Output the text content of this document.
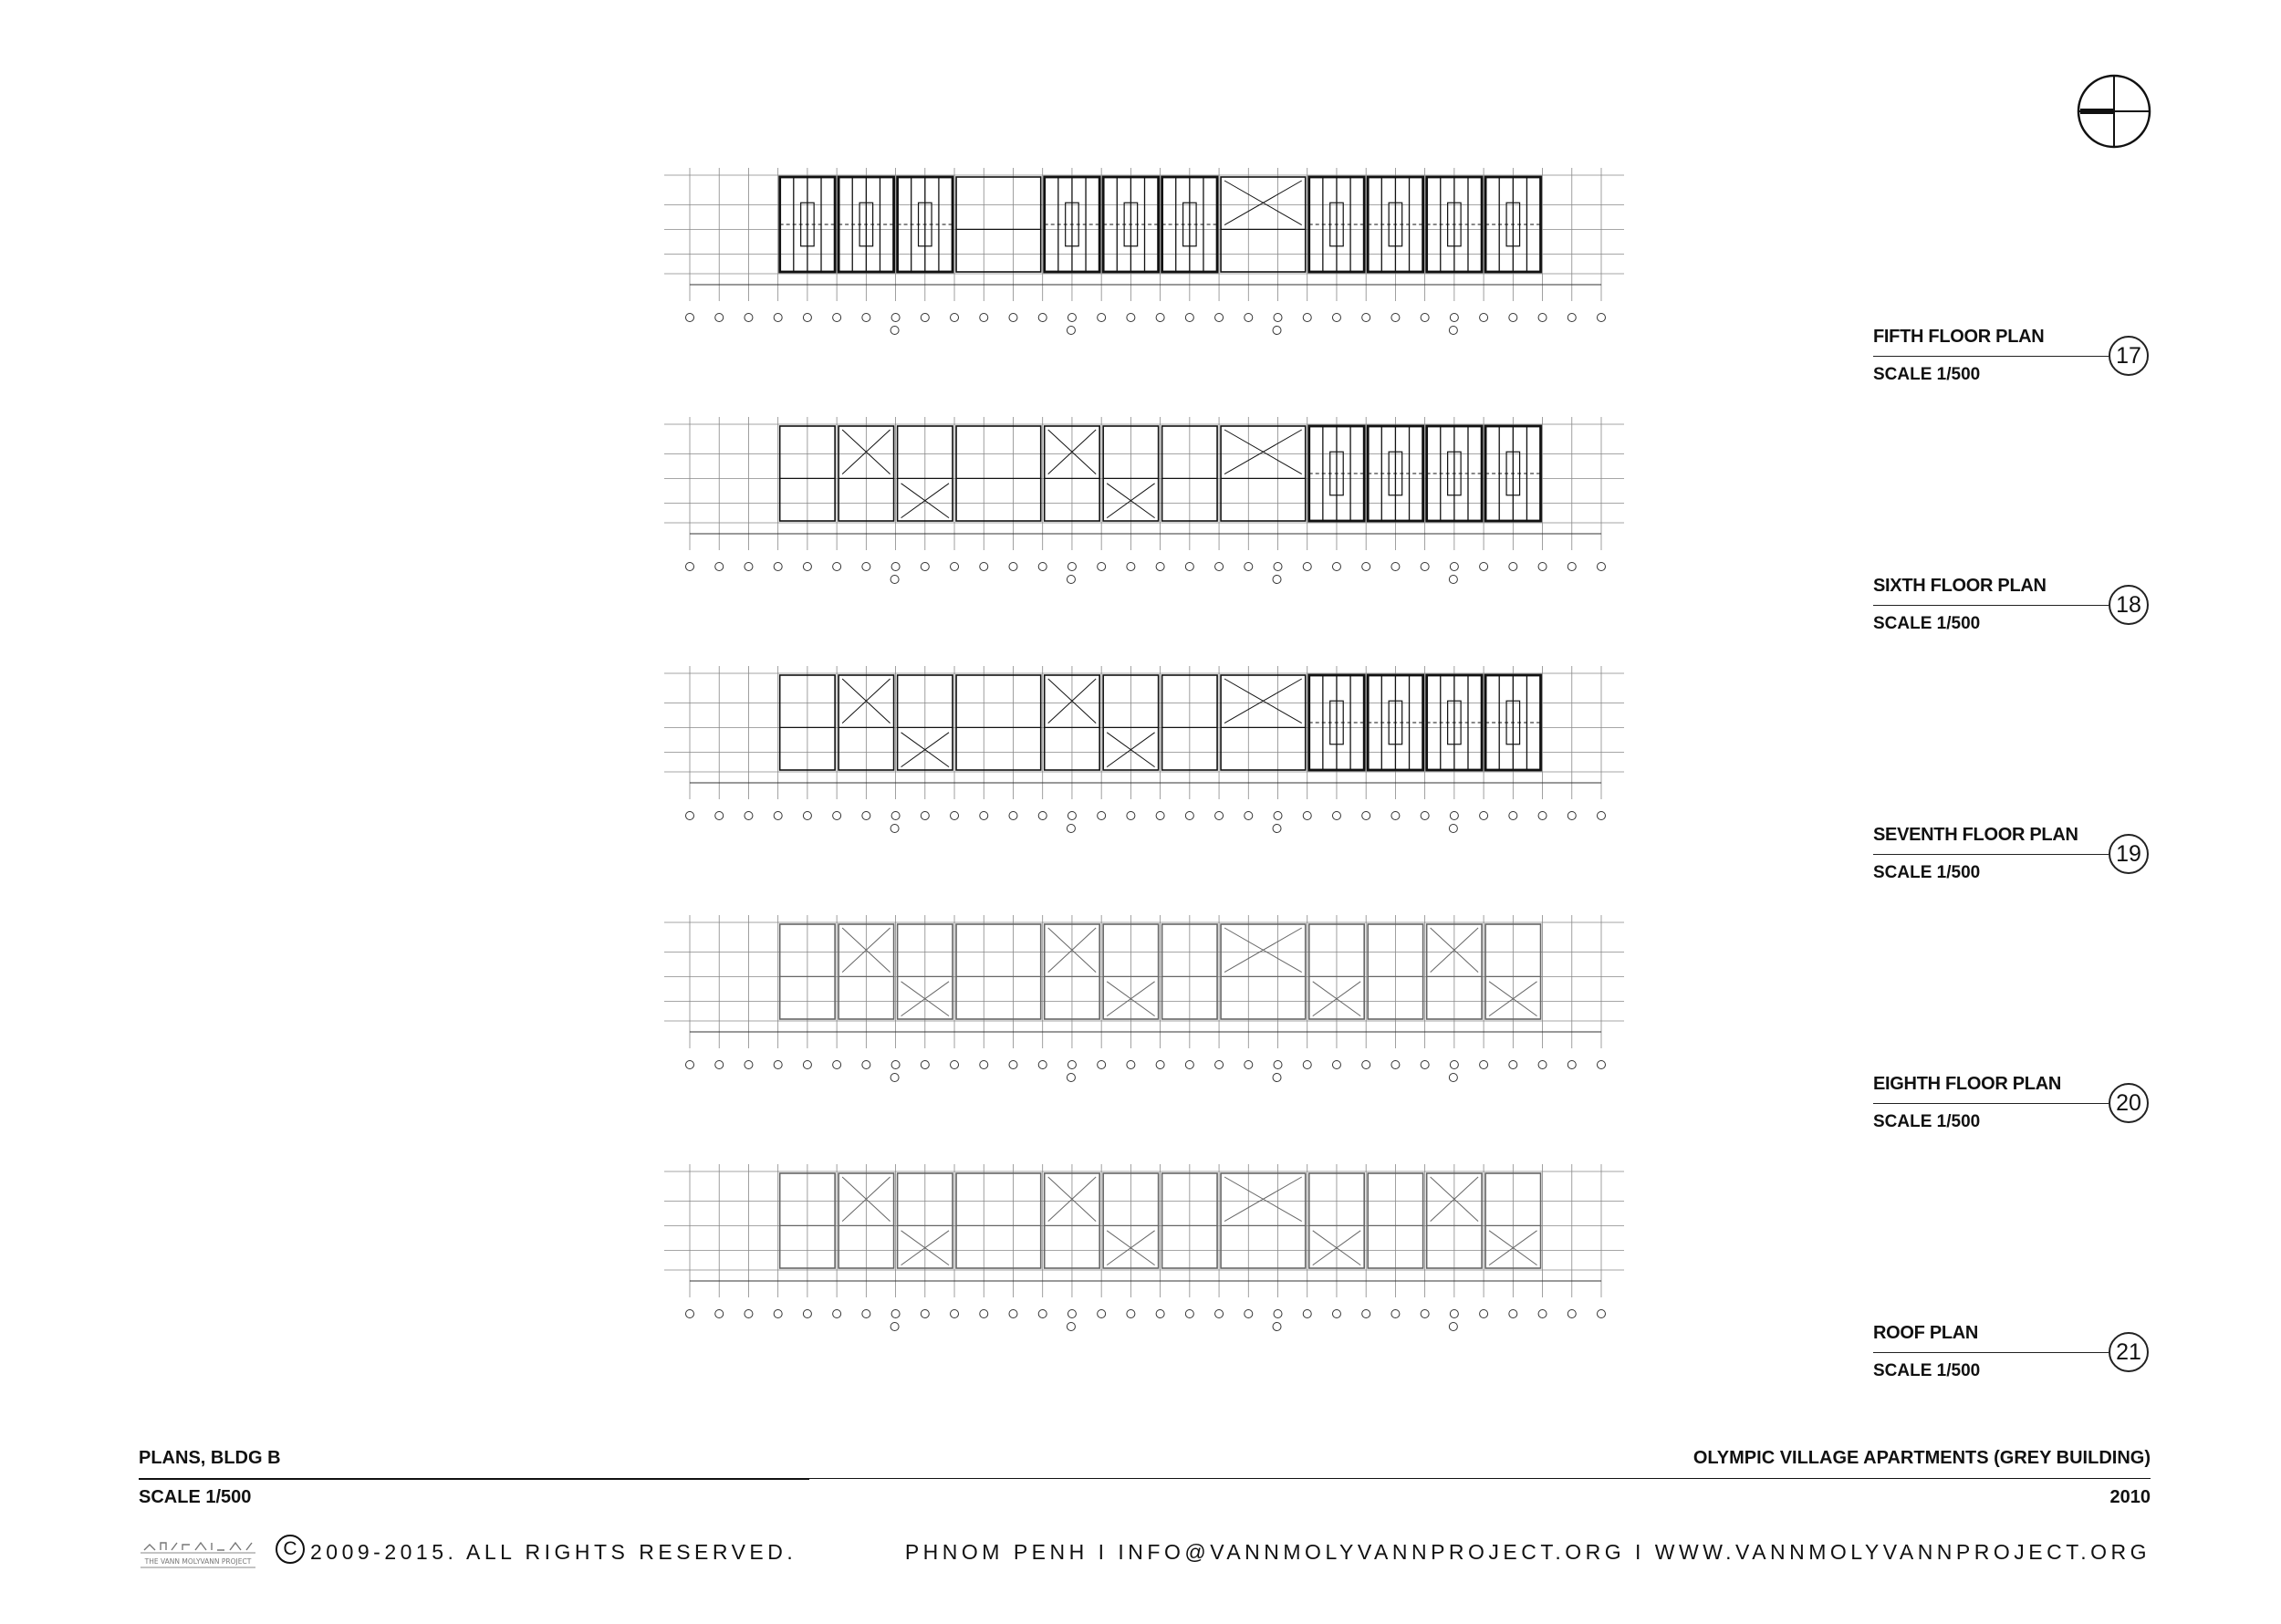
FIFTH FLOOR PLAN
SCALE 1/500
17
SIXTH FLOOR PLAN
SCALE 1/500
18
SEVENTH FLOOR PLAN
SCALE 1/500
19
EIGHTH FLOOR PLAN
SCALE 1/500
20
ROOF PLAN
SCALE 1/500
21
PLANS, BLDG B
SCALE 1/500
OLYMPIC VILLAGE APARTMENTS (GREY BUILDING)
2010
THE VANN MOLYVANN PROJECT
C 2009-2015. ALL RIGHTS RESERVED.	PHNOM PENH I INFO@VANNMOLYVANNPROJECT.ORG I WWW.VANNMOLYVANNPROJECT.ORG
